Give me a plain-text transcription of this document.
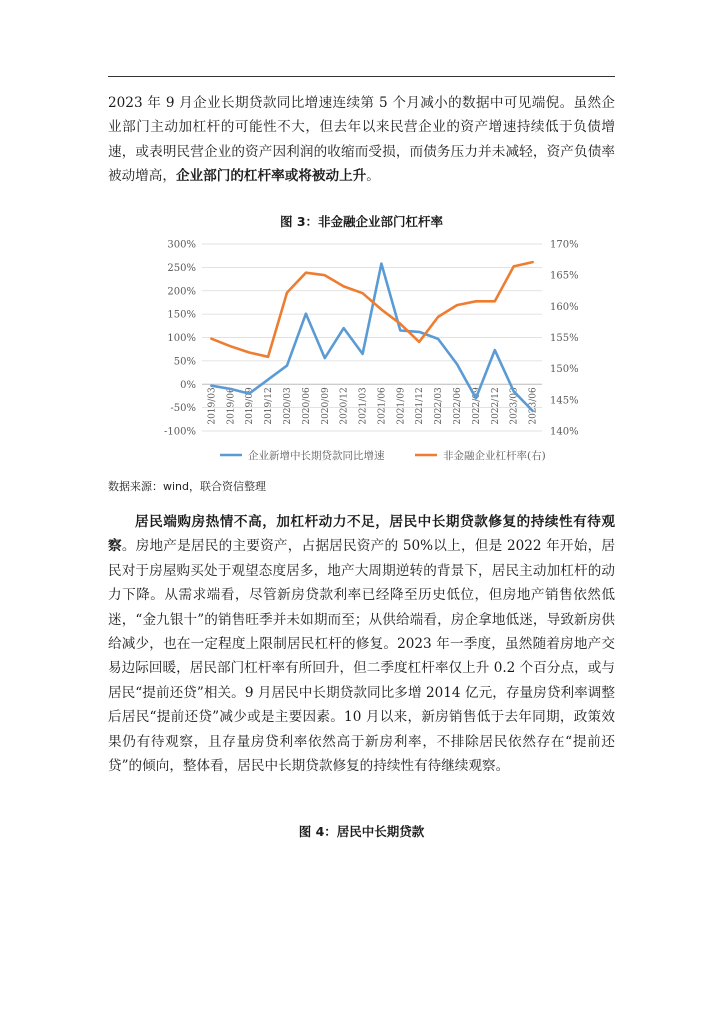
2023 年 9 月企业长期贷款同比增速连续第 5 个月减小的数据中可见端倪。虽然企业部门主动加杠杆的可能性不大，但去年以来民营企业的资产增速持续低于负债增速，或表明民营企业的资产因利润的收缩而受损，而债务压力并未减轻，资产负债率被动增高，企业部门的杠杆率或将被动上升。

图 3：非金融企业部门杠杆率
300%
250%
200%
150%
100%
50%
0%
-50%
-100%
170%
165%
160%
155%
150%
145%
140%
2019/03 2019/06 2019/09 2019/12 2020/03 2020/06 2020/09 2020/12 2021/03 2021/06 2021/09 2021/12 2022/03 2022/06 2022/09 2022/12 2023/03 2023/06
企业新增中长期贷款同比增速	非金融企业杠杆率(右)
数据来源：wind，联合资信整理

居民端购房热情不高，加杠杆动力不足，居民中长期贷款修复的持续性有待观察。房地产是居民的主要资产，占据居民资产的 50%以上，但是 2022 年开始，居民对于房屋购买处于观望态度居多，地产大周期逆转的背景下，居民主动加杠杆的动力下降。从需求端看，尽管新房贷款利率已经降至历史低位，但房地产销售依然低迷，“金九银十”的销售旺季并未如期而至；从供给端看，房企拿地低迷，导致新房供给减少，也在一定程度上限制居民杠杆的修复。2023 年一季度，虽然随着房地产交易边际回暖，居民部门杠杆率有所回升，但二季度杠杆率仅上升 0.2 个百分点，或与居民“提前还贷”相关。9 月居民中长期贷款同比多增 2014 亿元，存量房贷利率调整后居民“提前还贷”减少或是主要因素。10 月以来，新房销售低于去年同期，政策效果仍有待观察，且存量房贷利率依然高于新房利率，不排除居民依然存在“提前还贷”的倾向，整体看，居民中长期贷款修复的持续性有待继续观察。

图 4：居民中长期贷款
